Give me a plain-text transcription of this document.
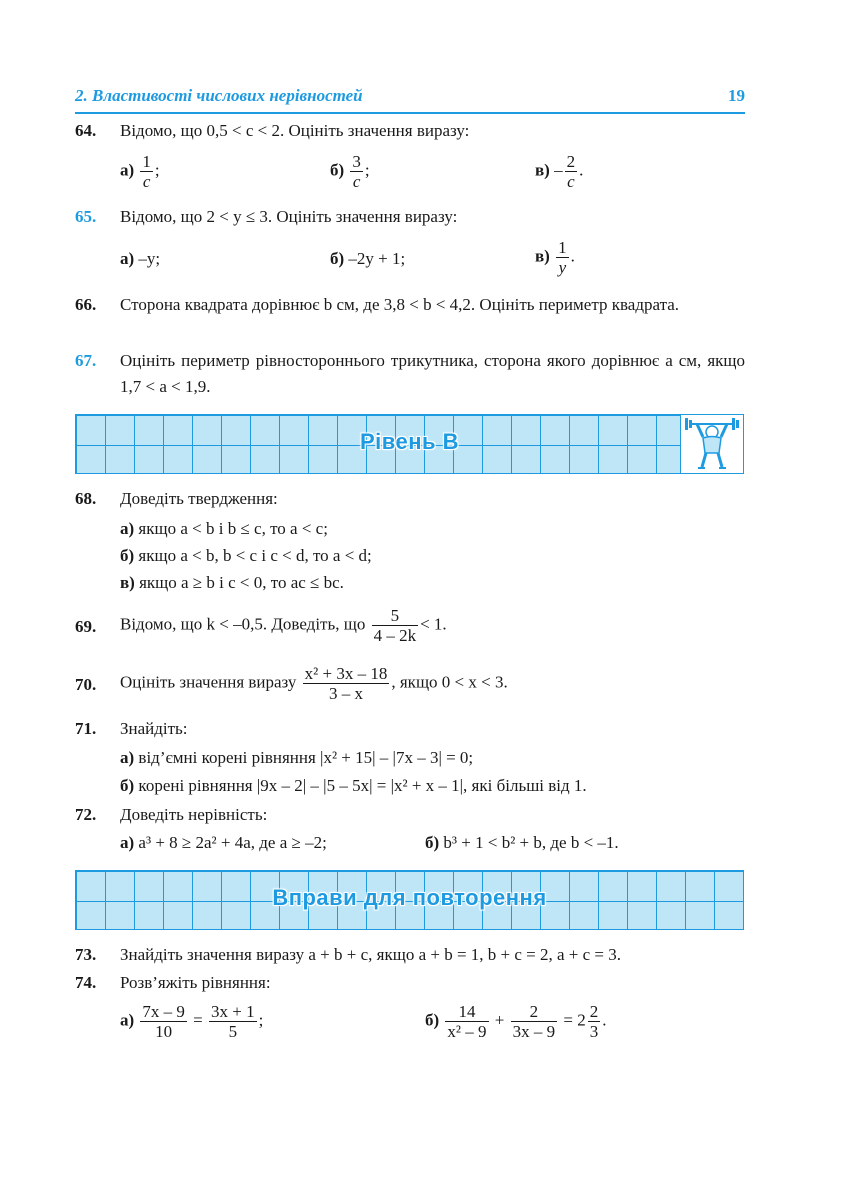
2. Властивості числових нерівностей	19
64.	Відомо, що 0,5 < c < 2. Оцініть значення виразу:
$а) \frac{1}{c}$ ;	$б) \frac{3}{c}$ ;	$в) - \frac{2}{c}$ .
65.	Відомо, що 2 < y ≤ 3. Оцініть значення виразу:
а) –y;	б) –2y + 1;	$в) \frac{1}{y}$ .
66.	Сторона квадрата дорівнює b см, де 3,8 < b < 4,2. Оцініть периметр квадрата.
67.	Оцініть периметр рівностороннього трикутника, сторона якого дорівнює a см, якщо 1,7 < a < 1,9.
Рівень В
68.	Доведіть твердження:
а) якщо a < b і b ≤ c, то a < c;
б) якщо a < b, b < c і c < d, то a < d;
в) якщо a ≥ b і c < 0, то ac ≤ bc.
69.	Відомо, що k < –0,5. Доведіть, що $\frac{5}{4 - 2k} < 1$.
70.	Оцініть значення виразу $\frac{\text{x² + 3x – 18}}{3 - x}$ , якщо 0 < x < 3.
71.	Знайдіть:
а) від’ємні корені рівняння |x² + 15| – |7x – 3| = 0;
б) корені рівняння |9x – 2| – |5 – 5x| = |x² + x – 1|, які більші від 1.
72.	Доведіть нерівність:
а) a³ + 8 ≥ 2a² + 4a, де a ≥ –2;	б) b³ + 1 < b² + b, де b < –1.
Вправи для повторення
73.	Знайдіть значення виразу a + b + c, якщо a + b = 1, b + c = 2, a + c = 3.
74.	Розв’яжіть рівняння:
$а) \frac{7x - 9}{10} = \frac{3x + 1}{5}$ ;	$б) \frac{14}{\text{x² – 9}} + \frac{2}{3x - 9} = 2 \frac{2}{3}$ .
